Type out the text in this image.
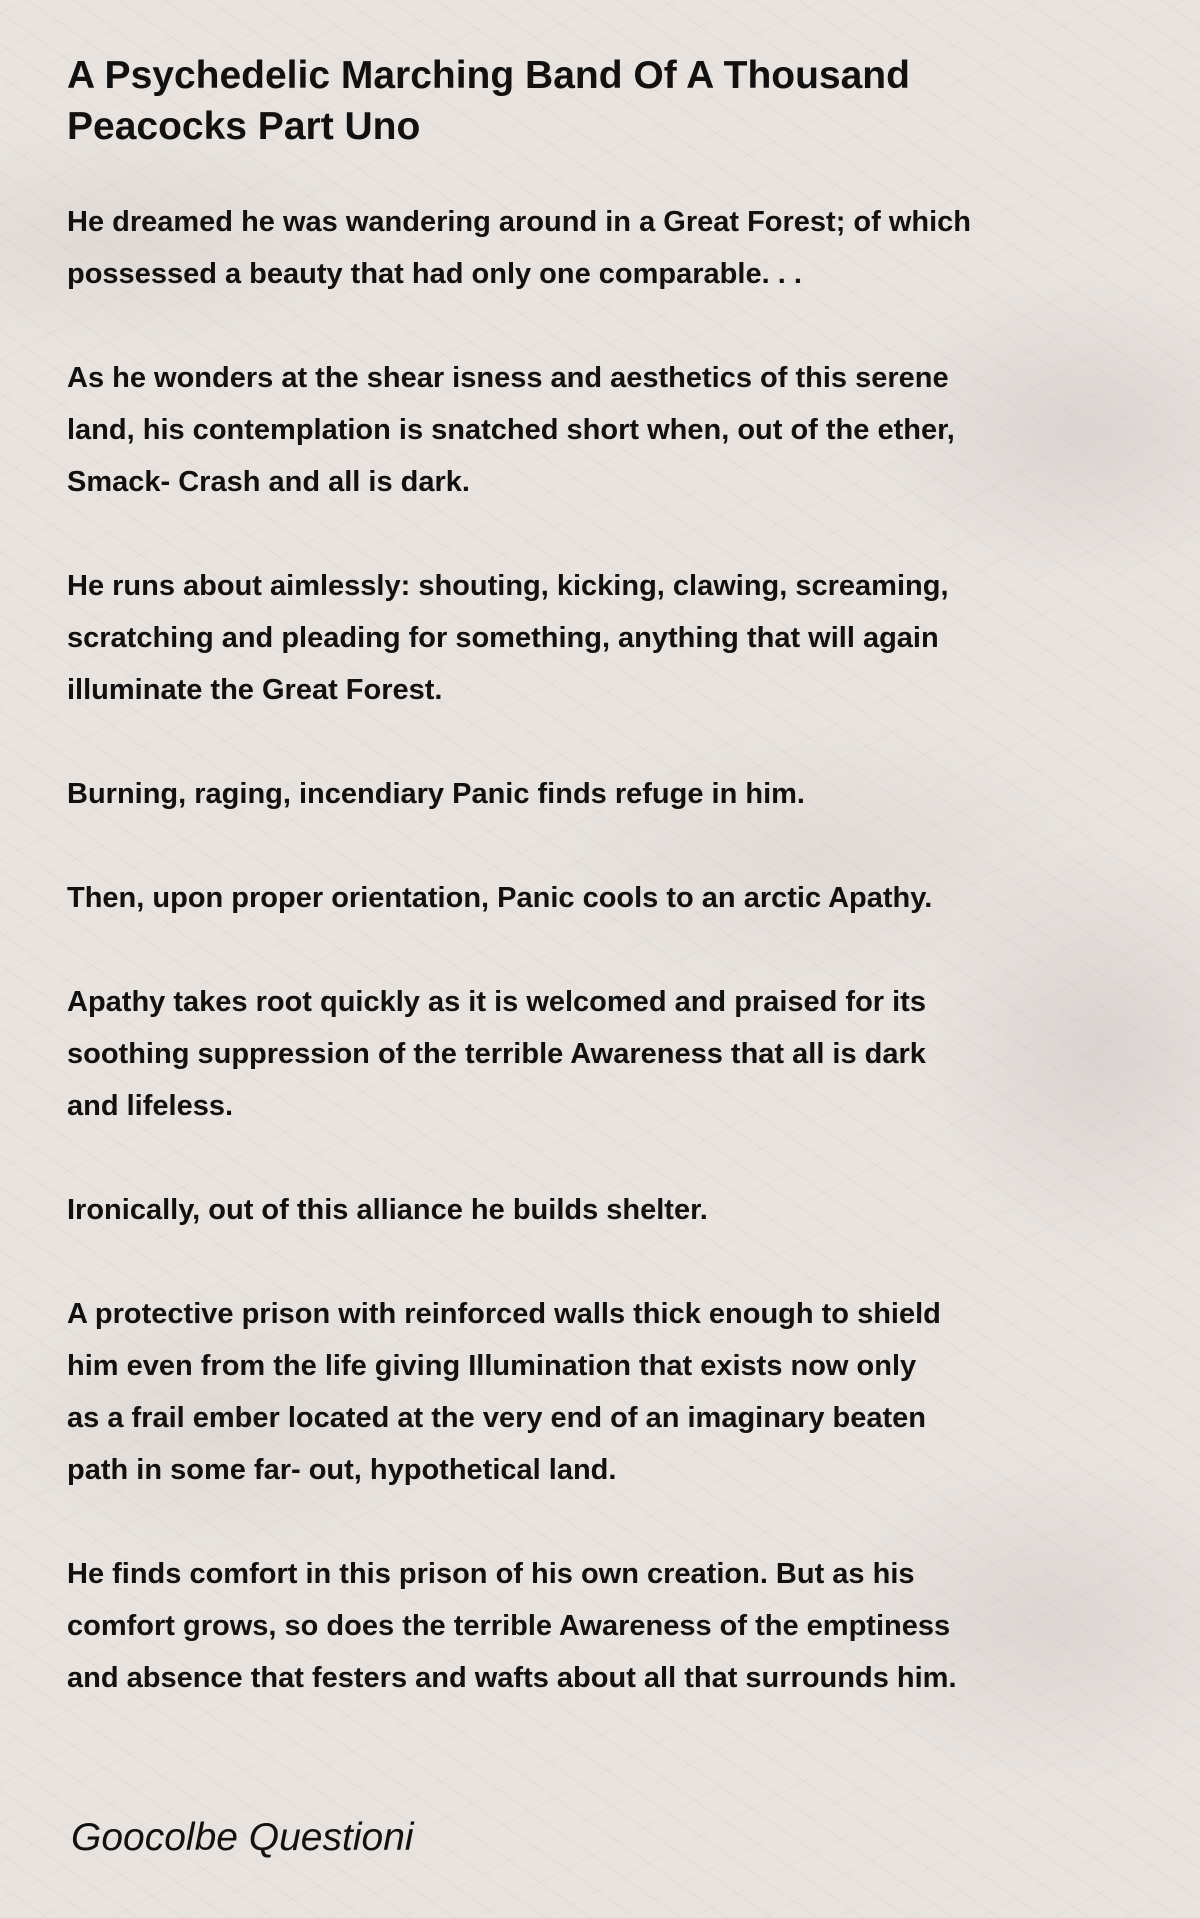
A Psychedelic Marching Band Of A Thousand
Peacocks Part Uno

He dreamed he was wandering around in a Great Forest; of which
possessed a beauty that had only one comparable. . .

As he wonders at the shear isness and aesthetics of this serene
land, his contemplation is snatched short when, out of the ether,
Smack- Crash and all is dark.

He runs about aimlessly: shouting, kicking, clawing, screaming,
scratching and pleading for something, anything that will again
illuminate the Great Forest.

Burning, raging, incendiary Panic finds refuge in him.

Then, upon proper orientation, Panic cools to an arctic Apathy.

Apathy takes root quickly as it is welcomed and praised for its
soothing suppression of the terrible Awareness that all is dark
and lifeless.

Ironically, out of this alliance he builds shelter.

A protective prison with reinforced walls thick enough to shield
him even from the life giving Illumination that exists now only
as a frail ember located at the very end of an imaginary beaten
path in some far- out, hypothetical land.

He finds comfort in this prison of his own creation. But as his
comfort grows, so does the terrible Awareness of the emptiness
and absence that festers and wafts about all that surrounds him.

Goocolbe Questioni
